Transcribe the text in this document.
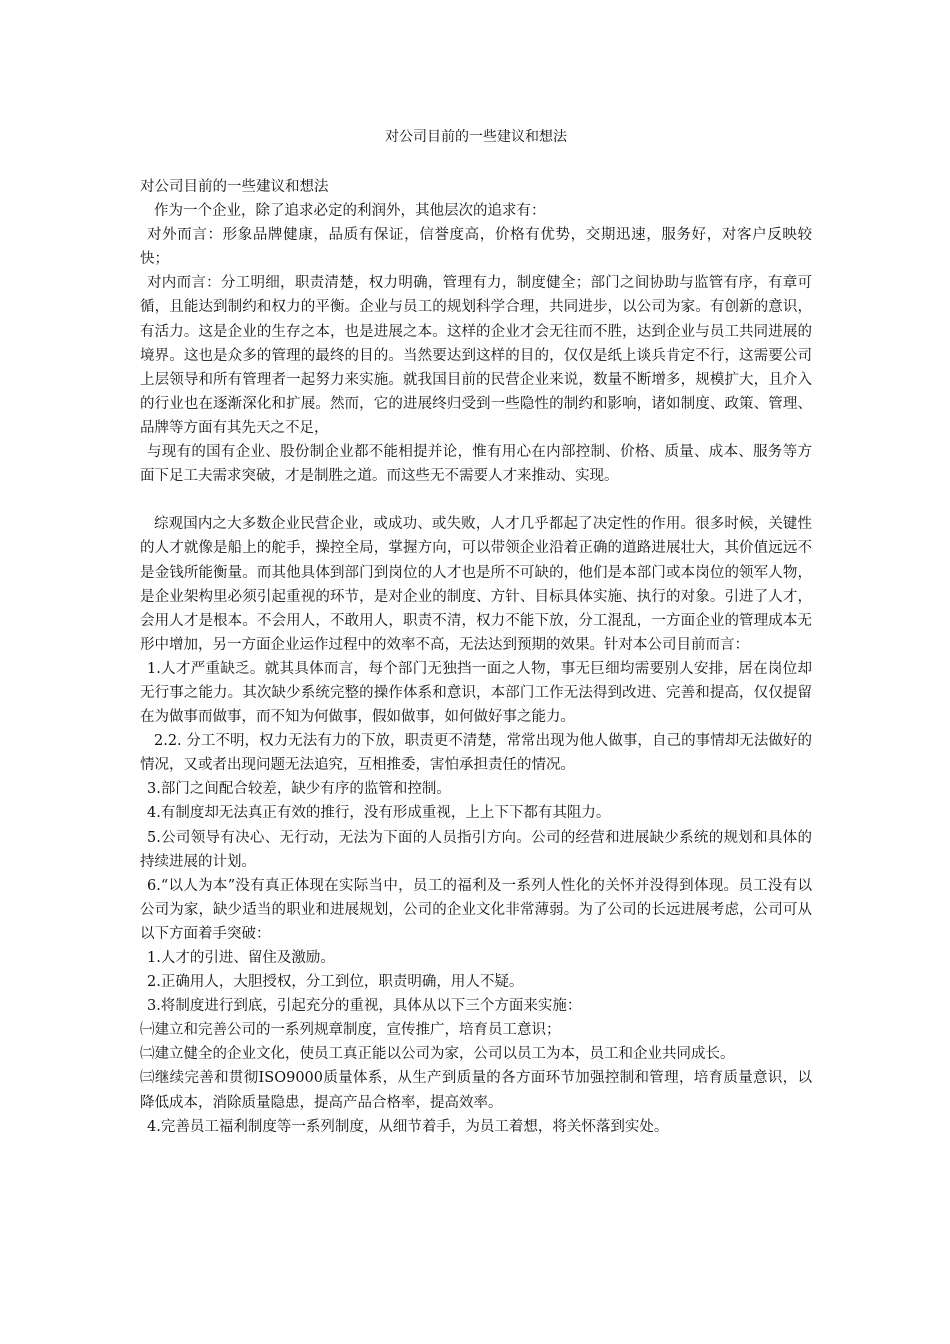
对公司目前的一些建议和想法

对公司目前的一些建议和想法

作为一个企业，除了追求必定的利润外，其他层次的追求有：

对外而言：形象品牌健康，品质有保证，信誉度高，价格有优势，交期迅速，服务好，对客户反映较快；

对内而言：分工明细，职责清楚，权力明确，管理有力，制度健全；部门之间协助与监管有序，有章可循，且能达到制约和权力的平衡。企业与员工的规划科学合理，共同进步，以公司为家。有创新的意识，有活力。这是企业的生存之本，也是进展之本。这样的企业才会无往而不胜，达到企业与员工共同进展的境界。这也是众多的管理的最终的目的。当然要达到这样的目的，仅仅是纸上谈兵肯定不行，这需要公司上层领导和所有管理者一起努力来实施。就我国目前的民营企业来说，数量不断增多，规模扩大，且介入的行业也在逐渐深化和扩展。然而，它的进展终归受到一些隐性的制约和影响，诸如制度、政策、管理、品牌等方面有其先天之不足，

与现有的国有企业、股份制企业都不能相提并论，惟有用心在内部控制、价格、质量、成本、服务等方面下足工夫需求突破，才是制胜之道。而这些无不需要人才来推动、实现。

综观国内之大多数企业民营企业，或成功、或失败，人才几乎都起了决定性的作用。很多时候，关键性的人才就像是船上的舵手，操控全局，掌握方向，可以带领企业沿着正确的道路进展壮大，其价值远远不是金钱所能衡量。而其他具体到部门到岗位的人才也是所不可缺的，他们是本部门或本岗位的领军人物，是企业架构里必须引起重视的环节，是对企业的制度、方针、目标具体实施、执行的对象。引进了人才，会用人才是根本。不会用人，不敢用人，职责不清，权力不能下放，分工混乱，一方面企业的管理成本无形中增加，另一方面企业运作过程中的效率不高，无法达到预期的效果。针对本公司目前而言：

1.人才严重缺乏。就其具体而言，每个部门无独挡一面之人物，事无巨细均需要别人安排，居在岗位却无行事之能力。其次缺少系统完整的操作体系和意识，本部门工作无法得到改进、完善和提高，仅仅提留在为做事而做事，而不知为何做事，假如做事，如何做好事之能力。

2.2. 分工不明，权力无法有力的下放，职责更不清楚，常常出现为他人做事，自己的事情却无法做好的情况，又或者出现问题无法追究，互相推委，害怕承担责任的情况。

3.部门之间配合较差，缺少有序的监管和控制。

4.有制度却无法真正有效的推行，没有形成重视，上上下下都有其阻力。

5.公司领导有决心、无行动，无法为下面的人员指引方向。公司的经营和进展缺少系统的规划和具体的持续进展的计划。

6.“以人为本”没有真正体现在实际当中，员工的福利及一系列人性化的关怀并没得到体现。员工没有以公司为家，缺少适当的职业和进展规划，公司的企业文化非常薄弱。为了公司的长远进展考虑，公司可从以下方面着手突破：

1.人才的引进、留住及激励。

2.正确用人，大胆授权，分工到位，职责明确，用人不疑。

3.将制度进行到底，引起充分的重视，具体从以下三个方面来实施：

㈠建立和完善公司的一系列规章制度，宣传推广，培育员工意识；

㈡建立健全的企业文化，使员工真正能以公司为家，公司以员工为本，员工和企业共同成长。

㈢继续完善和贯彻ISO9000质量体系，从生产到质量的各方面环节加强控制和管理，培育质量意识，以降低成本，消除质量隐患，提高产品合格率，提高效率。

4.完善员工福利制度等一系列制度，从细节着手，为员工着想，将关怀落到实处。
